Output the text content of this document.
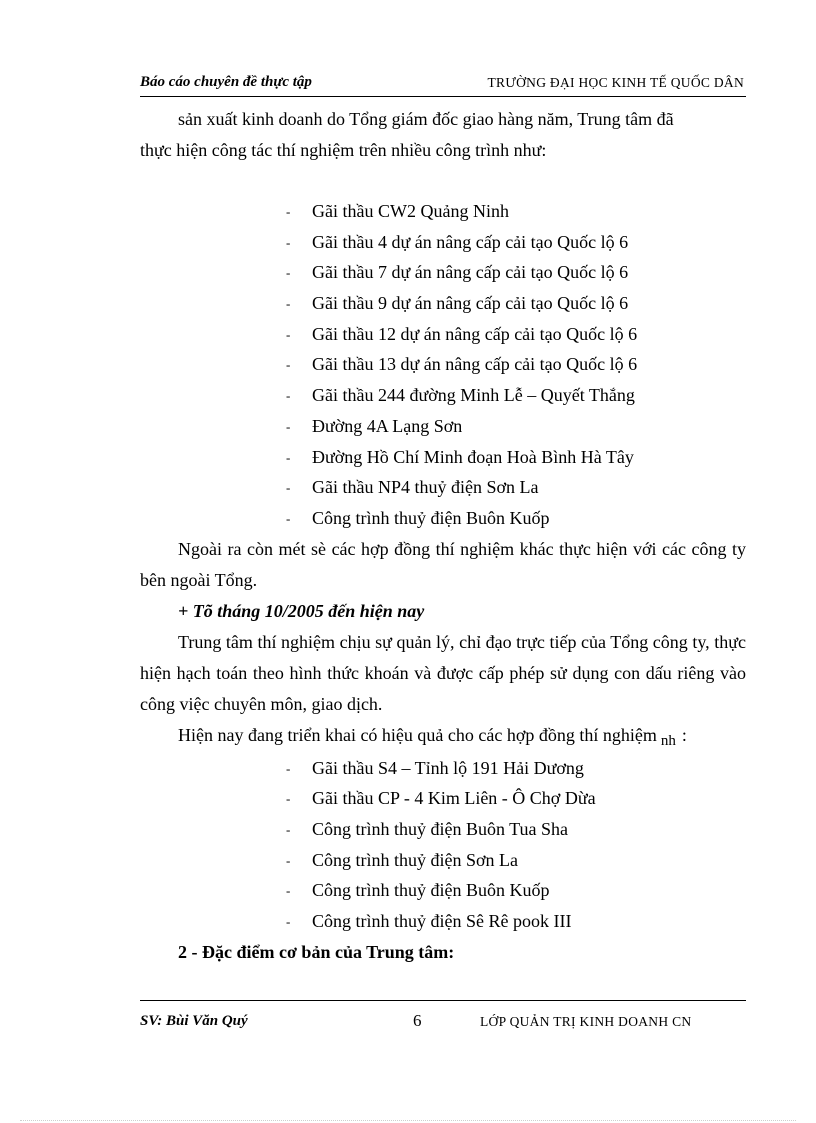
Báo cáo chuyên đề thực tập	TRƯỜNG ĐẠI HỌC KINH TẾ QUỐC DÂN

sản xuất kinh doanh do Tổng giám đốc giao hàng năm, Trung tâm đã

thực hiện công tác thí nghiệm trên nhiều công trình như:

- Gãi thầu CW2 Quảng Ninh
- Gãi thầu 4 dự án nâng cấp cải tạo Quốc lộ 6
- Gãi thầu 7 dự án nâng cấp cải tạo Quốc lộ 6
- Gãi thầu 9 dự án nâng cấp cải tạo Quốc lộ 6
- Gãi thầu 12 dự án nâng cấp cải tạo Quốc lộ 6
- Gãi thầu 13 dự án nâng cấp cải tạo Quốc lộ 6
- Gãi thầu 244 đường Minh Lễ – Quyết Thắng
- Đường 4A Lạng Sơn
- Đường Hồ Chí Minh đoạn Hoà Bình Hà Tây
- Gãi thầu NP4 thuỷ điện Sơn La
- Công trình thuỷ điện Buôn Kuốp

Ngoài ra còn mét sè các hợp đồng thí nghiệm khác thực hiện với các công ty bên ngoài Tổng.

+ Tõ tháng 10/2005 đến hiện nay

Trung tâm thí nghiệm chịu sự quản lý, chỉ đạo trực tiếp của Tổng công ty, thực hiện hạch toán theo hình thức khoán và được cấp phép sử dụng con dấu riêng vào công việc chuyên môn, giao dịch.

Hiện nay đang triển khai có hiệu quả cho các hợp đồng thí nghiệm $_{nh}$ :

- Gãi thầu S4 – Tỉnh lộ 191 Hải Dương
- Gãi thầu CP - 4 Kim Liên - Ô Chợ Dừa
- Công trình thuỷ điện Buôn Tua Sha
- Công trình thuỷ điện Sơn La
- Công trình thuỷ điện Buôn Kuốp
- Công trình thuỷ điện Sê Rê pook III

2 - Đặc điểm cơ bản của Trung tâm:

SV: Bùi Văn Quý	6	LỚP QUẢN TRỊ KINH DOANH CN
